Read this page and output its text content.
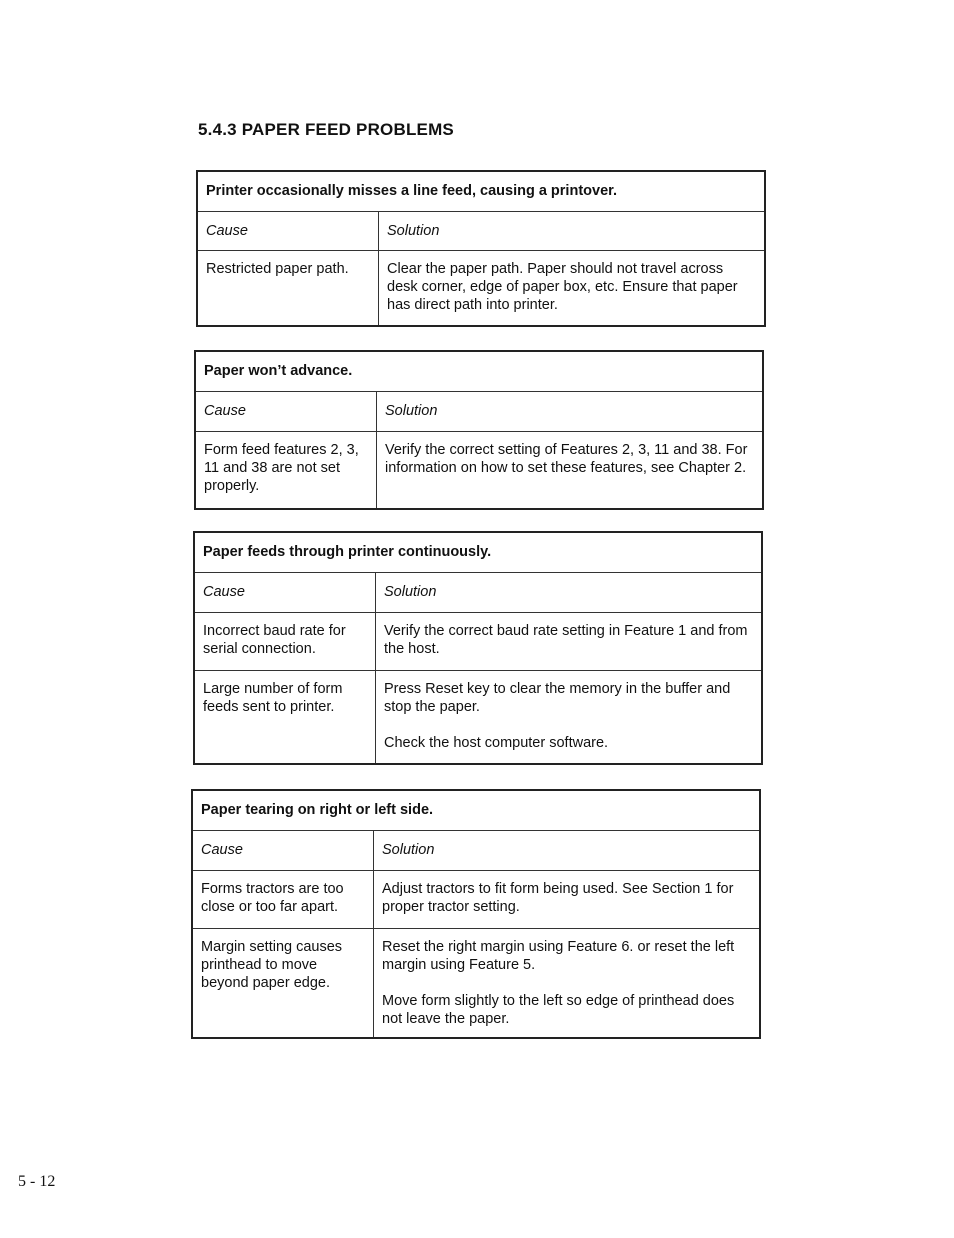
5.4.3 PAPER FEED PROBLEMS
Printer occasionally misses a line feed, causing a printover.	
Cause	Solution
Restricted paper path.	Clear the paper path. Paper should not travel across desk corner, edge of paper box, etc. Ensure that paper has direct path into printer.
Paper won’t advance.	
Cause	Solution
Form feed features 2, 3, 11 and 38 are not set properly.	Verify the correct setting of Features 2, 3, 11 and 38. For information on how to set these features, see Chapter 2.
Paper feeds through printer continuously.	
Cause	Solution
Incorrect baud rate for serial connection.	Verify the correct baud rate setting in Feature 1 and from the host.

Large number of form feeds sent to printer.	Press Reset key to clear the memory in the buffer and stop the paper.
Check the host computer software.
Paper tearing on right or left side.	
Cause	Solution
Forms tractors are too close or too far apart.	Adjust tractors to fit form being used. See Section 1 for proper tractor setting.

Margin setting causes printhead to move beyond paper edge.	Reset the right margin using Feature 6. or reset the left margin using Feature 5.
Move form slightly to the left so edge of printhead does not leave the paper.
5 - 12
